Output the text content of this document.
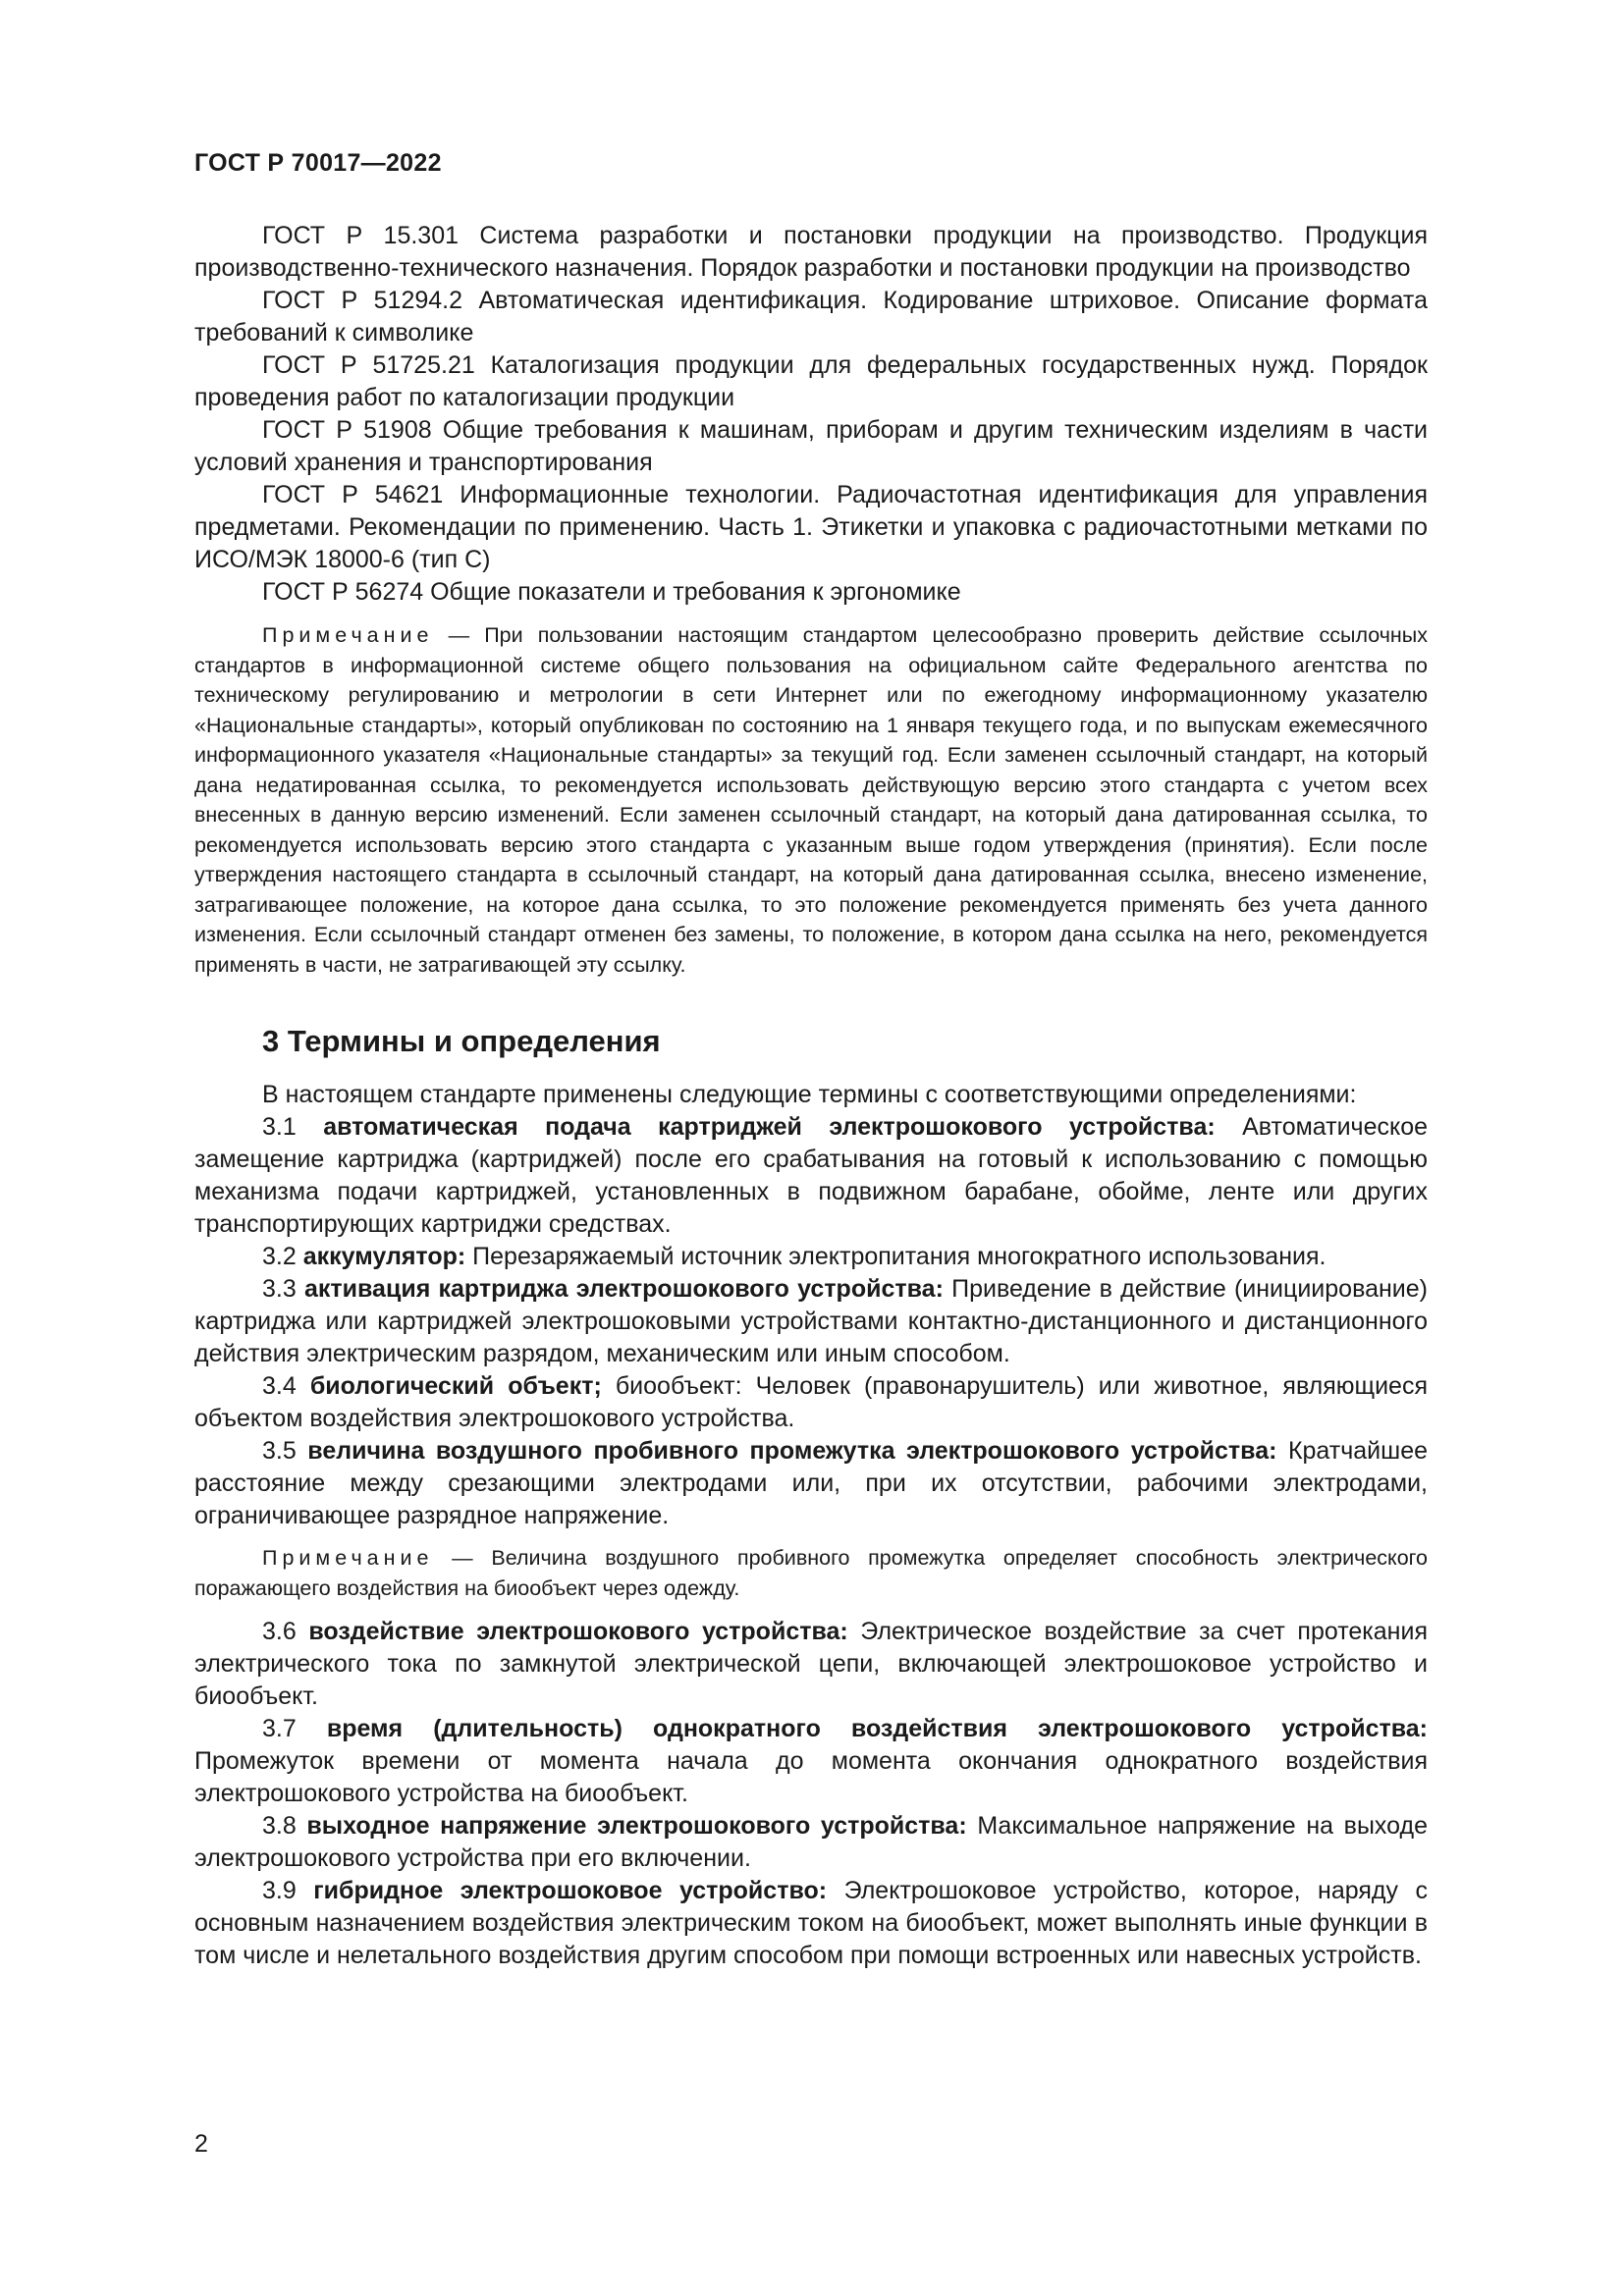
ГОСТ Р 70017—2022

ГОСТ Р 15.301 Система разработки и постановки продукции на производство. Продукция производственно-технического назначения. Порядок разработки и постановки продукции на производство

ГОСТ Р 51294.2 Автоматическая идентификация. Кодирование штриховое. Описание формата требований к символике

ГОСТ Р 51725.21 Каталогизация продукции для федеральных государственных нужд. Порядок проведения работ по каталогизации продукции

ГОСТ Р 51908 Общие требования к машинам, приборам и другим техническим изделиям в части условий хранения и транспортирования

ГОСТ Р 54621 Информационные технологии. Радиочастотная идентификация для управления предметами. Рекомендации по применению. Часть 1. Этикетки и упаковка с радиочастотными метками по ИСО/МЭК 18000-6 (тип С)

ГОСТ Р 56274 Общие показатели и требования к эргономике

Примечание — При пользовании настоящим стандартом целесообразно проверить действие ссылочных стандартов в информационной системе общего пользования на официальном сайте Федерального агентства по техническому регулированию и метрологии в сети Интернет или по ежегодному информационному указателю «Национальные стандарты», который опубликован по состоянию на 1 января текущего года, и по выпускам ежемесячного информационного указателя «Национальные стандарты» за текущий год. Если заменен ссылочный стандарт, на который дана недатированная ссылка, то рекомендуется использовать действующую версию этого стандарта с учетом всех внесенных в данную версию изменений. Если заменен ссылочный стандарт, на который дана датированная ссылка, то рекомендуется использовать версию этого стандарта с указанным выше годом утверждения (принятия). Если после утверждения настоящего стандарта в ссылочный стандарт, на который дана датированная ссылка, внесено изменение, затрагивающее положение, на которое дана ссылка, то это положение рекомендуется применять без учета данного изменения. Если ссылочный стандарт отменен без замены, то положение, в котором дана ссылка на него, рекомендуется применять в части, не затрагивающей эту ссылку.

3 Термины и определения

В настоящем стандарте применены следующие термины с соответствующими определениями:

3.1 автоматическая подача картриджей электрошокового устройства: Автоматическое замещение картриджа (картриджей) после его срабатывания на готовый к использованию с помощью механизма подачи картриджей, установленных в подвижном барабане, обойме, ленте или других транспортирующих картриджи средствах.

3.2 аккумулятор: Перезаряжаемый источник электропитания многократного использования.

3.3 активация картриджа электрошокового устройства: Приведение в действие (инициирование) картриджа или картриджей электрошоковыми устройствами контактно-дистанционного и дистанционного действия электрическим разрядом, механическим или иным способом.

3.4 биологический объект; биообъект: Человек (правонарушитель) или животное, являющиеся объектом воздействия электрошокового устройства.

3.5 величина воздушного пробивного промежутка электрошокового устройства: Кратчайшее расстояние между срезающими электродами или, при их отсутствии, рабочими электродами, ограничивающее разрядное напряжение.

Примечание — Величина воздушного пробивного промежутка определяет способность электрического поражающего воздействия на биообъект через одежду.

3.6 воздействие электрошокового устройства: Электрическое воздействие за счет протекания электрического тока по замкнутой электрической цепи, включающей электрошоковое устройство и биообъект.

3.7 время (длительность) однократного воздействия электрошокового устройства: Промежуток времени от момента начала до момента окончания однократного воздействия электрошокового устройства на биообъект.

3.8 выходное напряжение электрошокового устройства: Максимальное напряжение на выходе электрошокового устройства при его включении.

3.9 гибридное электрошоковое устройство: Электрошоковое устройство, которое, наряду с основным назначением воздействия электрическим током на биообъект, может выполнять иные функции в том числе и нелетального воздействия другим способом при помощи встроенных или навесных устройств.

2
